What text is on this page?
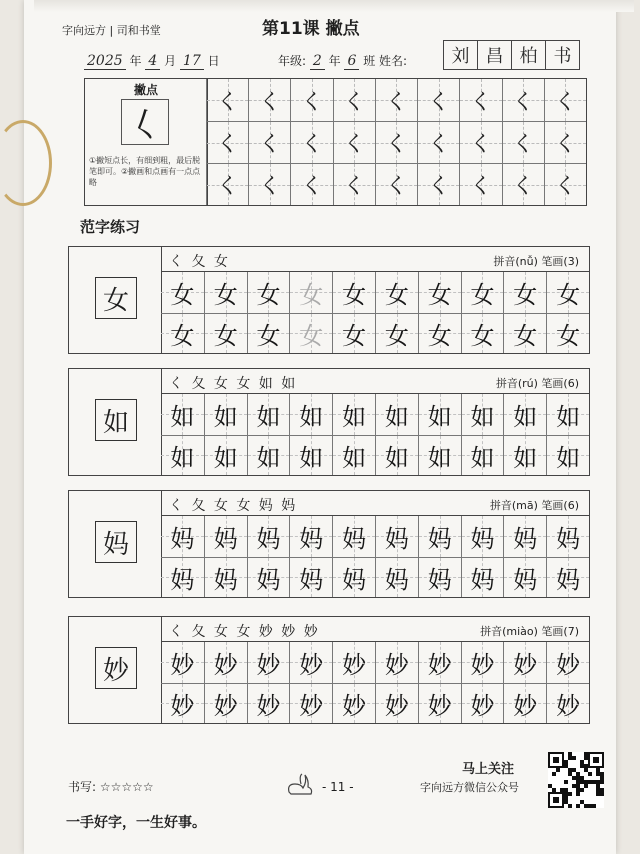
字向远方 | 司和书堂	第11课 撇点
2025 年 4 月 17 日	年级: 2 年 6 班 姓名:	刘 昌 柏 书
撇点
𡿨
①撇短点长，有细到粗，最后脱笔即可。②撇画和点画有一点点略
く く く く く く く く く
く く く く く く く く く
く く く く く く く く く
范字练习
女
く 夂 女	拼音(nǚ) 笔画(3)
女 女 女 女 女 女 女 女 女 女
女 女 女 女 女 女 女 女 女 女
如
く 夂 女 女 如 如	拼音(rú) 笔画(6)
如 如 如 如 如 如 如 如 如 如
如 如 如 如 如 如 如 如 如 如
妈
く 夂 女 女 妈 妈	拼音(mā) 笔画(6)
妈 妈 妈 妈 妈 妈 妈 妈 妈 妈
妈 妈 妈 妈 妈 妈 妈 妈 妈 妈
妙
く 夂 女 女 妙 妙 妙	拼音(miào) 笔画(7)
妙 妙 妙 妙 妙 妙 妙 妙 妙 妙
妙 妙 妙 妙 妙 妙 妙 妙 妙 妙
书写: ☆☆☆☆☆	- 11 -
一手好字，一生好事。
马上关注
字向远方微信公众号
